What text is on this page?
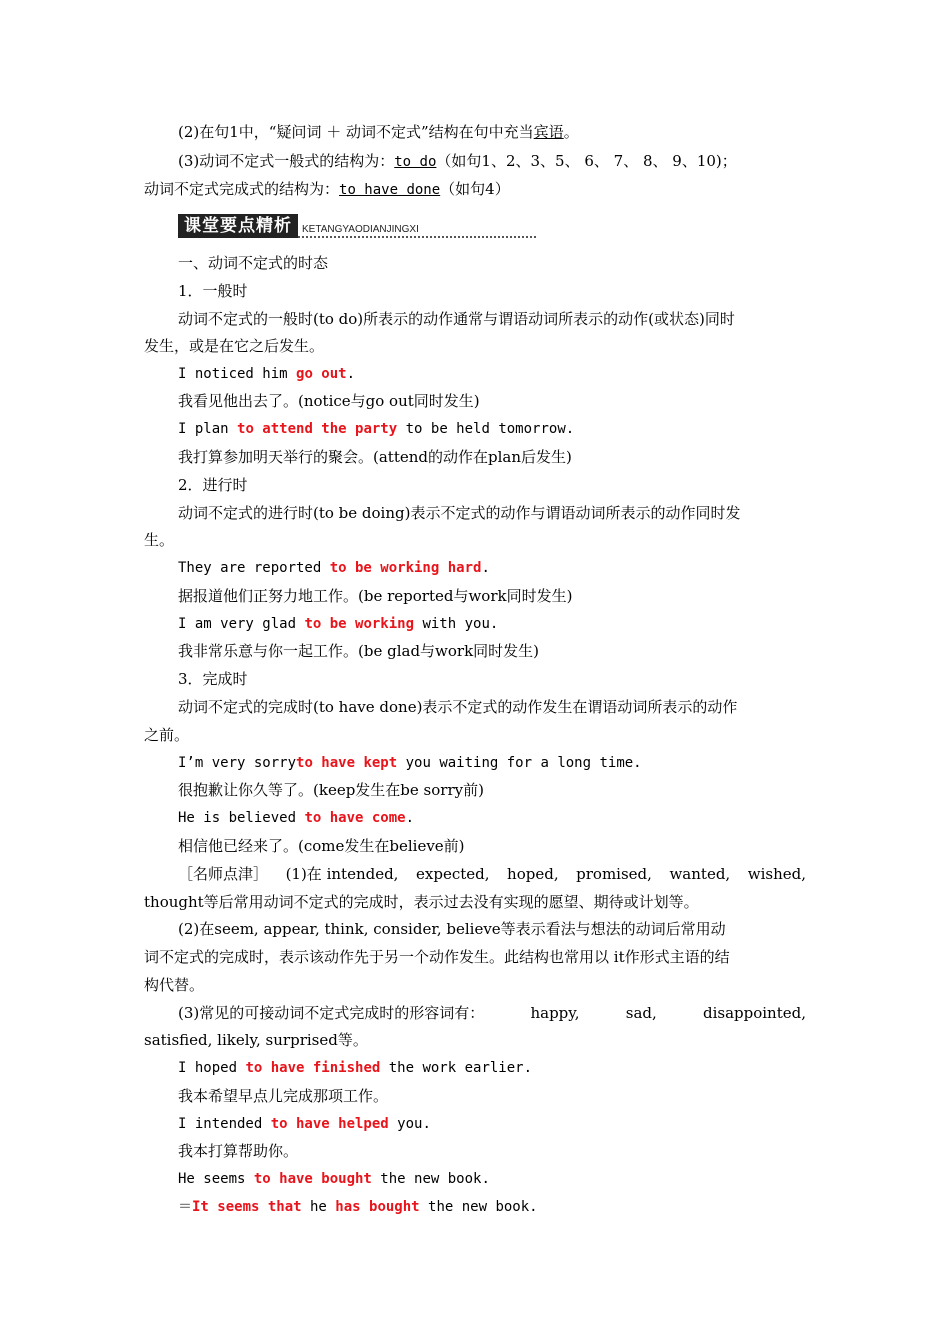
(2)在句1中，“疑问词 ＋ 动词不定式”结构在句中充当宾语。
(3)动词不定式一般式的结构为：to do（如句1、2、3、5、 6、 7、 8、 9、10)；
动词不定式完成式的结构为：to have done（如句4）
课堂要点精析	KETANGYAODIANJINGXI
一、动词不定式的时态
1．一般时
动词不定式的一般时(to do)所表示的动作通常与谓语动词所表示的动作(或状态)同时
发生，或是在它之后发生。
I noticed him go out.
我看见他出去了。(notice与go out同时发生)
I plan to attend the party to be held tomorrow.
我打算参加明天举行的聚会。(attend的动作在plan后发生)
2．进行时
动词不定式的进行时(to be doing)表示不定式的动作与谓语动词所表示的动作同时发
生。
They are reported to be working hard.
据报道他们正努力地工作。(be reported与work同时发生)
I am very glad to be working with you.
我非常乐意与你一起工作。(be glad与work同时发生)
3．完成时
动词不定式的完成时(to have done)表示不定式的动作发生在谓语动词所表示的动作
之前。
I’m very sorryto have kept you waiting for a long time.
很抱歉让你久等了。(keep发生在be sorry前)
He is believed to have come.
相信他已经来了。(come发生在believe前)
［名师点津］ (1)在 intended, expected, hoped, promised, wanted, wished,
thought等后常用动词不定式的完成时，表示过去没有实现的愿望、期待或计划等。
(2)在seem, appear, think, consider, believe等表示看法与想法的动词后常用动
词不定式的完成时，表示该动作先于另一个动作发生。此结构也常用以 it作形式主语的结
构代替。
(3)常见的可接动词不定式完成时的形容词有：	happy,	sad,	disappointed,
satisfied, likely, surprised等。
I hoped to have finished the work earlier.
我本希望早点儿完成那项工作。
I intended to have helped you.
我本打算帮助你。
He seems to have bought the new book.
＝It seems that he has bought the new book.
